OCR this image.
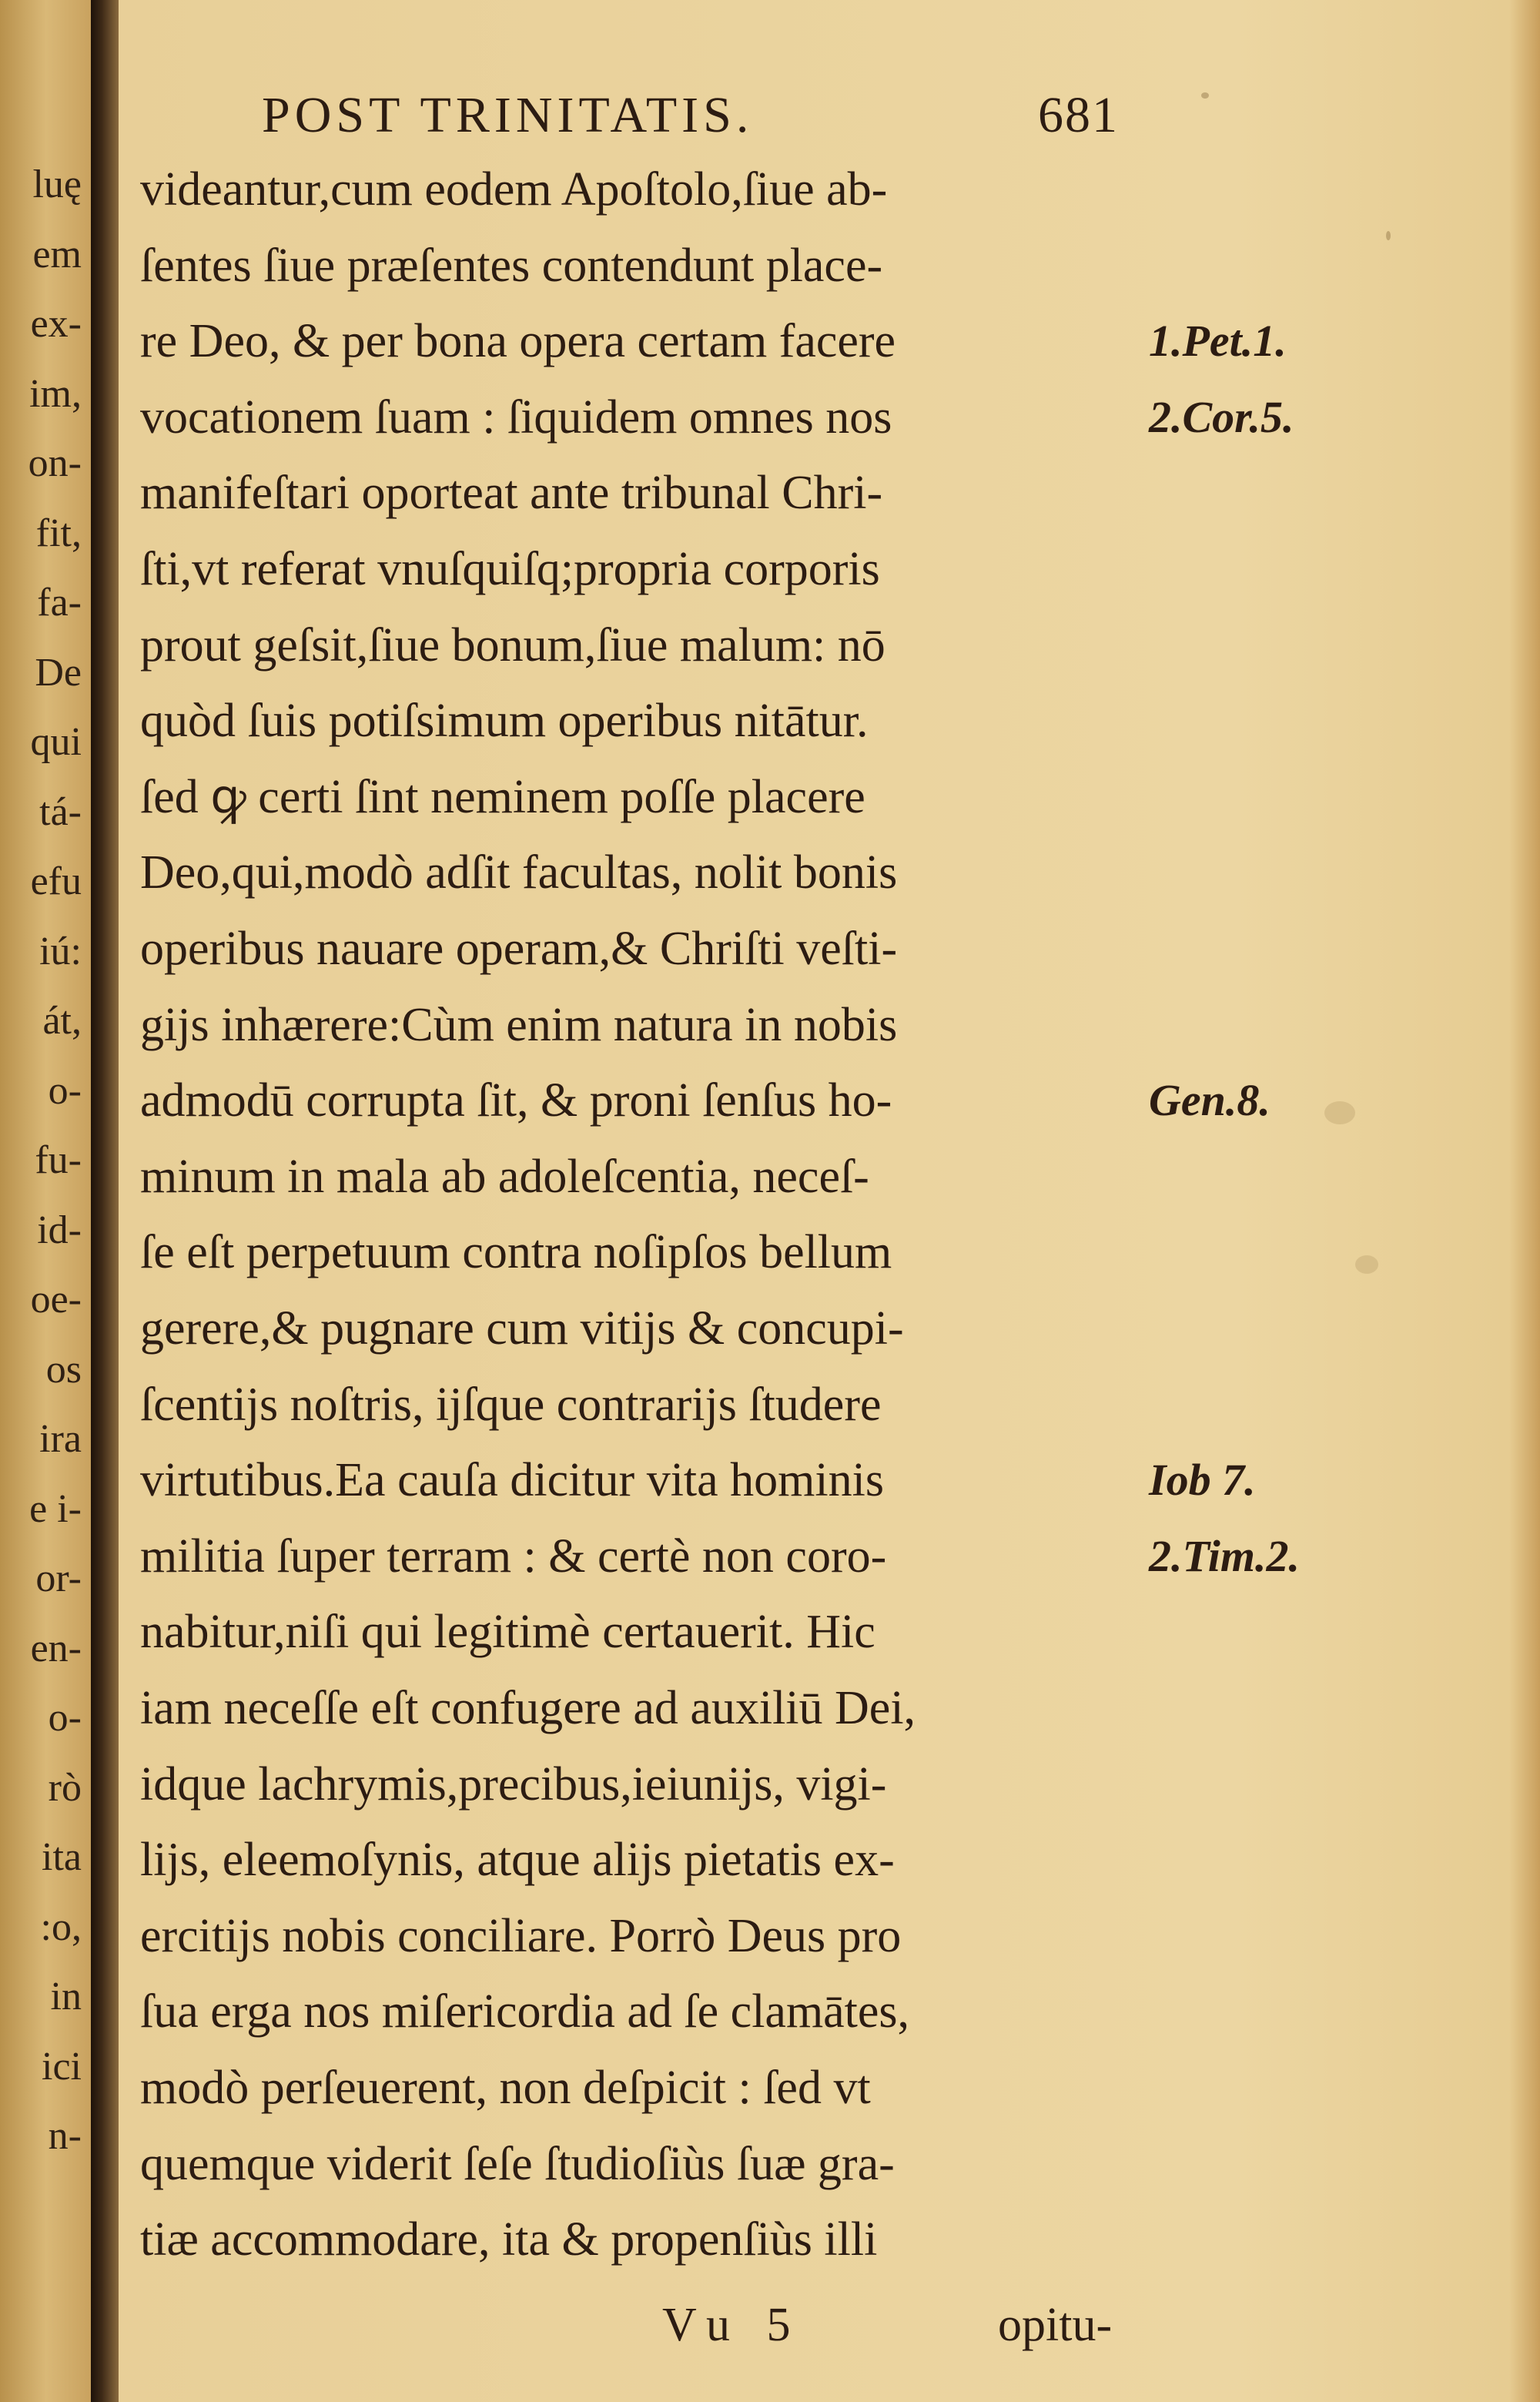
luę
em
ex-
im,
on-
fit,
fa-
De
qui
tá-
efu
iú:
át,
o-
fu-
id-
oe-
os
ira
e i-
or-
en-
o-
rò
ita
:o,
in
ici
n-
POST TRINITATIS.	681
videantur,cum eodem Apoſtolo,ſiue ab-
ſentes ſiue præſentes contendunt place-
re Deo, & per bona opera certam facere
vocationem ſuam : ſiquidem omnes nos
manifeſtari oporteat ante tribunal Chri-
ſti,vt referat vnuſquiſq;propria corporis
prout geſsit,ſiue bonum,ſiue malum: nō
quòd ſuis potiſsimum operibus nitātur.
ſed ꝙ certi ſint neminem poſſe placere
Deo,qui,modò adſit facultas, nolit bonis
operibus nauare operam,& Chriſti veſti-
gijs inhærere:Cùm enim natura in nobis
admodū corrupta ſit, & proni ſenſus ho-
minum in mala ab adoleſcentia, neceſ-
ſe eſt perpetuum contra noſipſos bellum
gerere,& pugnare cum vitijs & concupi-
ſcentijs noſtris, ijſque contrarijs ſtudere
virtutibus.Ea cauſa dicitur vita hominis
militia ſuper terram : & certè non coro-
nabitur,niſi qui legitimè certauerit. Hic
iam neceſſe eſt confugere ad auxiliū Dei,
idque lachrymis,precibus,ieiunijs, vigi-
lijs, eleemoſynis, atque alijs pietatis ex-
ercitijs nobis conciliare. Porrò Deus pro
ſua erga nos miſericordia ad ſe clamātes,
modò perſeuerent, non deſpicit : ſed vt
quemque viderit ſeſe ſtudioſiùs ſuæ gra-
tiæ accommodare, ita & propenſiùs illi
1.Pet.1.
2.Cor.5.
Gen.8.
Iob 7.
2.Tim.2.
Vu 5	opitu-
